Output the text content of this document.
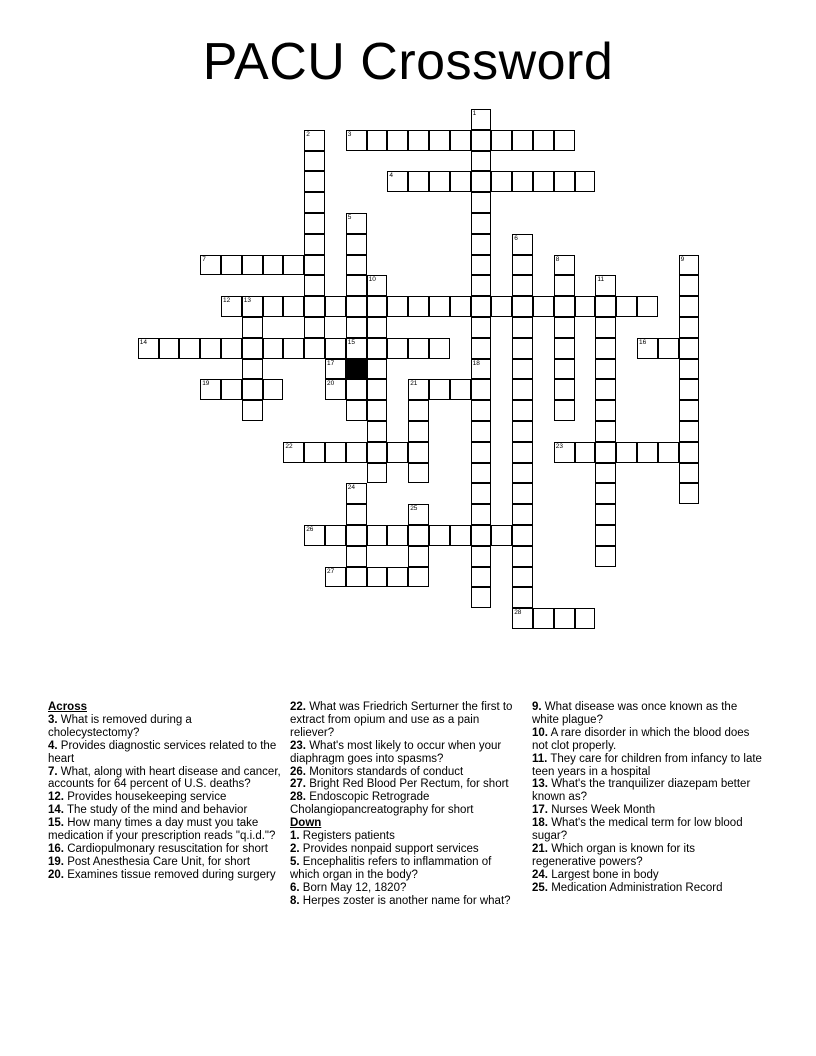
PACU Crossword
1
18
2	3
4
5
15
6
7	8	9
10	11
12 13
14	16
17
19	20	21
22	23
24
25
26
27
28
Across

3. What is removed during a cholecystectomy?

4. Provides diagnostic services related to the heart

7. What, along with heart disease and cancer, accounts for 64 percent of U.S. deaths?

12. Provides housekeeping service

14. The study of the mind and behavior

15. How many times a day must you take medication if your prescription reads "q.i.d."?

16. Cardiopulmonary resuscitation for short

19. Post Anesthesia Care Unit, for short

20. Examines tissue removed during surgery

22. What was Friedrich Serturner the first to extract from opium and use as a pain reliever?

23. What's most likely to occur when your diaphragm goes into spasms?

26. Monitors standards of conduct

27. Bright Red Blood Per Rectum, for short

28. Endoscopic Retrograde Cholangiopancreatography for short

Down

1. Registers patients

2. Provides nonpaid support services

5. Encephalitis refers to inflammation of which organ in the body?

6. Born May 12, 1820?

8. Herpes zoster is another name for what?

9. What disease was once known as the white plague?

10. A rare disorder in which the blood does not clot properly.

11. They care for children from infancy to late teen years in a hospital

13. What's the tranquilizer diazepam better known as?

17. Nurses Week Month

18. What's the medical term for low blood sugar?

21. Which organ is known for its regenerative powers?

24. Largest bone in body

25. Medication Administration Record
